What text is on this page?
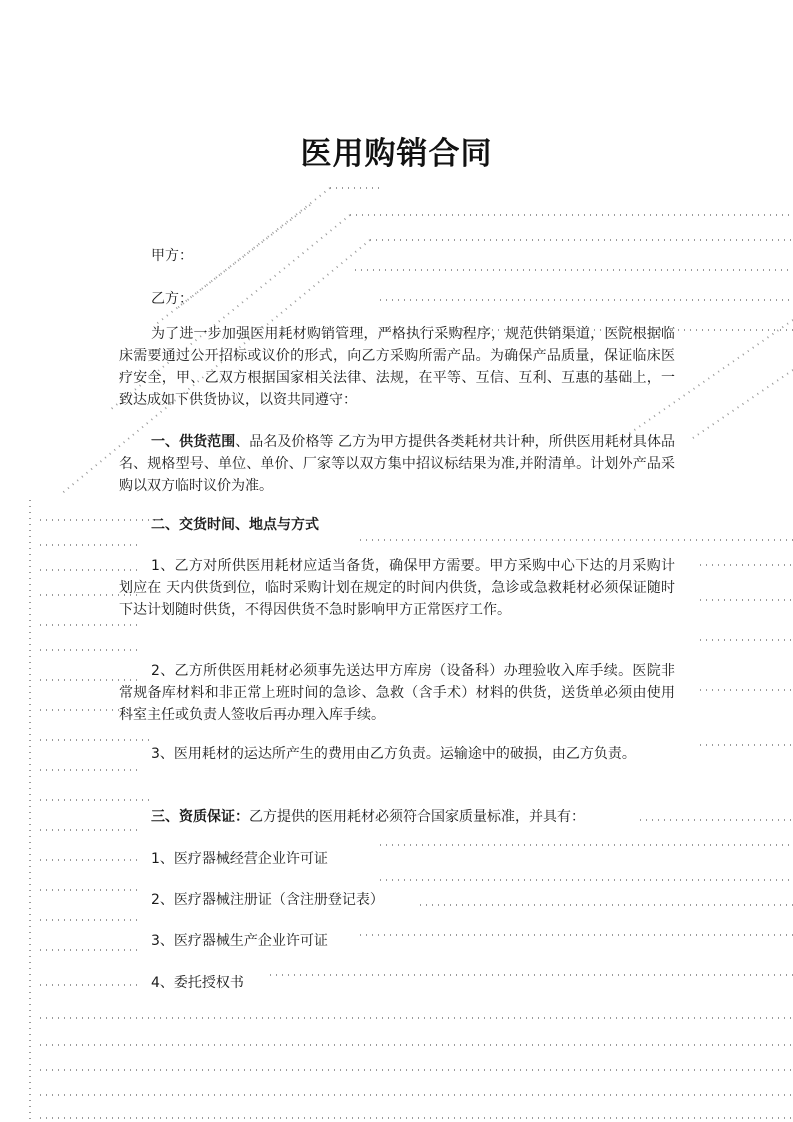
医用购销合同

甲方：

乙方：

为了进一步加强医用耗材购销管理，严格执行采购程序，规范供销渠道，医院根据临床需要通过公开招标或议价的形式，向乙方采购所需产品。为确保产品质量，保证临床医疗安全，甲、乙双方根据国家相关法律、法规，在平等、互信、互利、互惠的基础上，一致达成如下供货协议，以资共同遵守：

一、供货范围、品名及价格等 乙方为甲方提供各类耗材共计种，所供医用耗材具体品名、规格型号、单位、单价、厂家等以双方集中招议标结果为准,并附清单。计划外产品采购以双方临时议价为准。

二、交货时间、地点与方式

1、乙方对所供医用耗材应适当备货，确保甲方需要。甲方采购中心下达的月采购计划应在 天内供货到位，临时采购计划在规定的时间内供货，急诊或急救耗材必须保证随时下达计划随时供货，不得因供货不急时影响甲方正常医疗工作。

2、乙方所供医用耗材必须事先送达甲方库房（设备科）办理验收入库手续。医院非常规备库材料和非正常上班时间的急诊、急救（含手术）材料的供货，送货单必须由使用科室主任或负责人签收后再办理入库手续。

3、医用耗材的运达所产生的费用由乙方负责。运输途中的破损，由乙方负责。

三、资质保证：乙方提供的医用耗材必须符合国家质量标准，并具有：

1、医疗器械经营企业许可证

2、医疗器械注册证（含注册登记表）

3、医疗器械生产企业许可证

4、委托授权书
